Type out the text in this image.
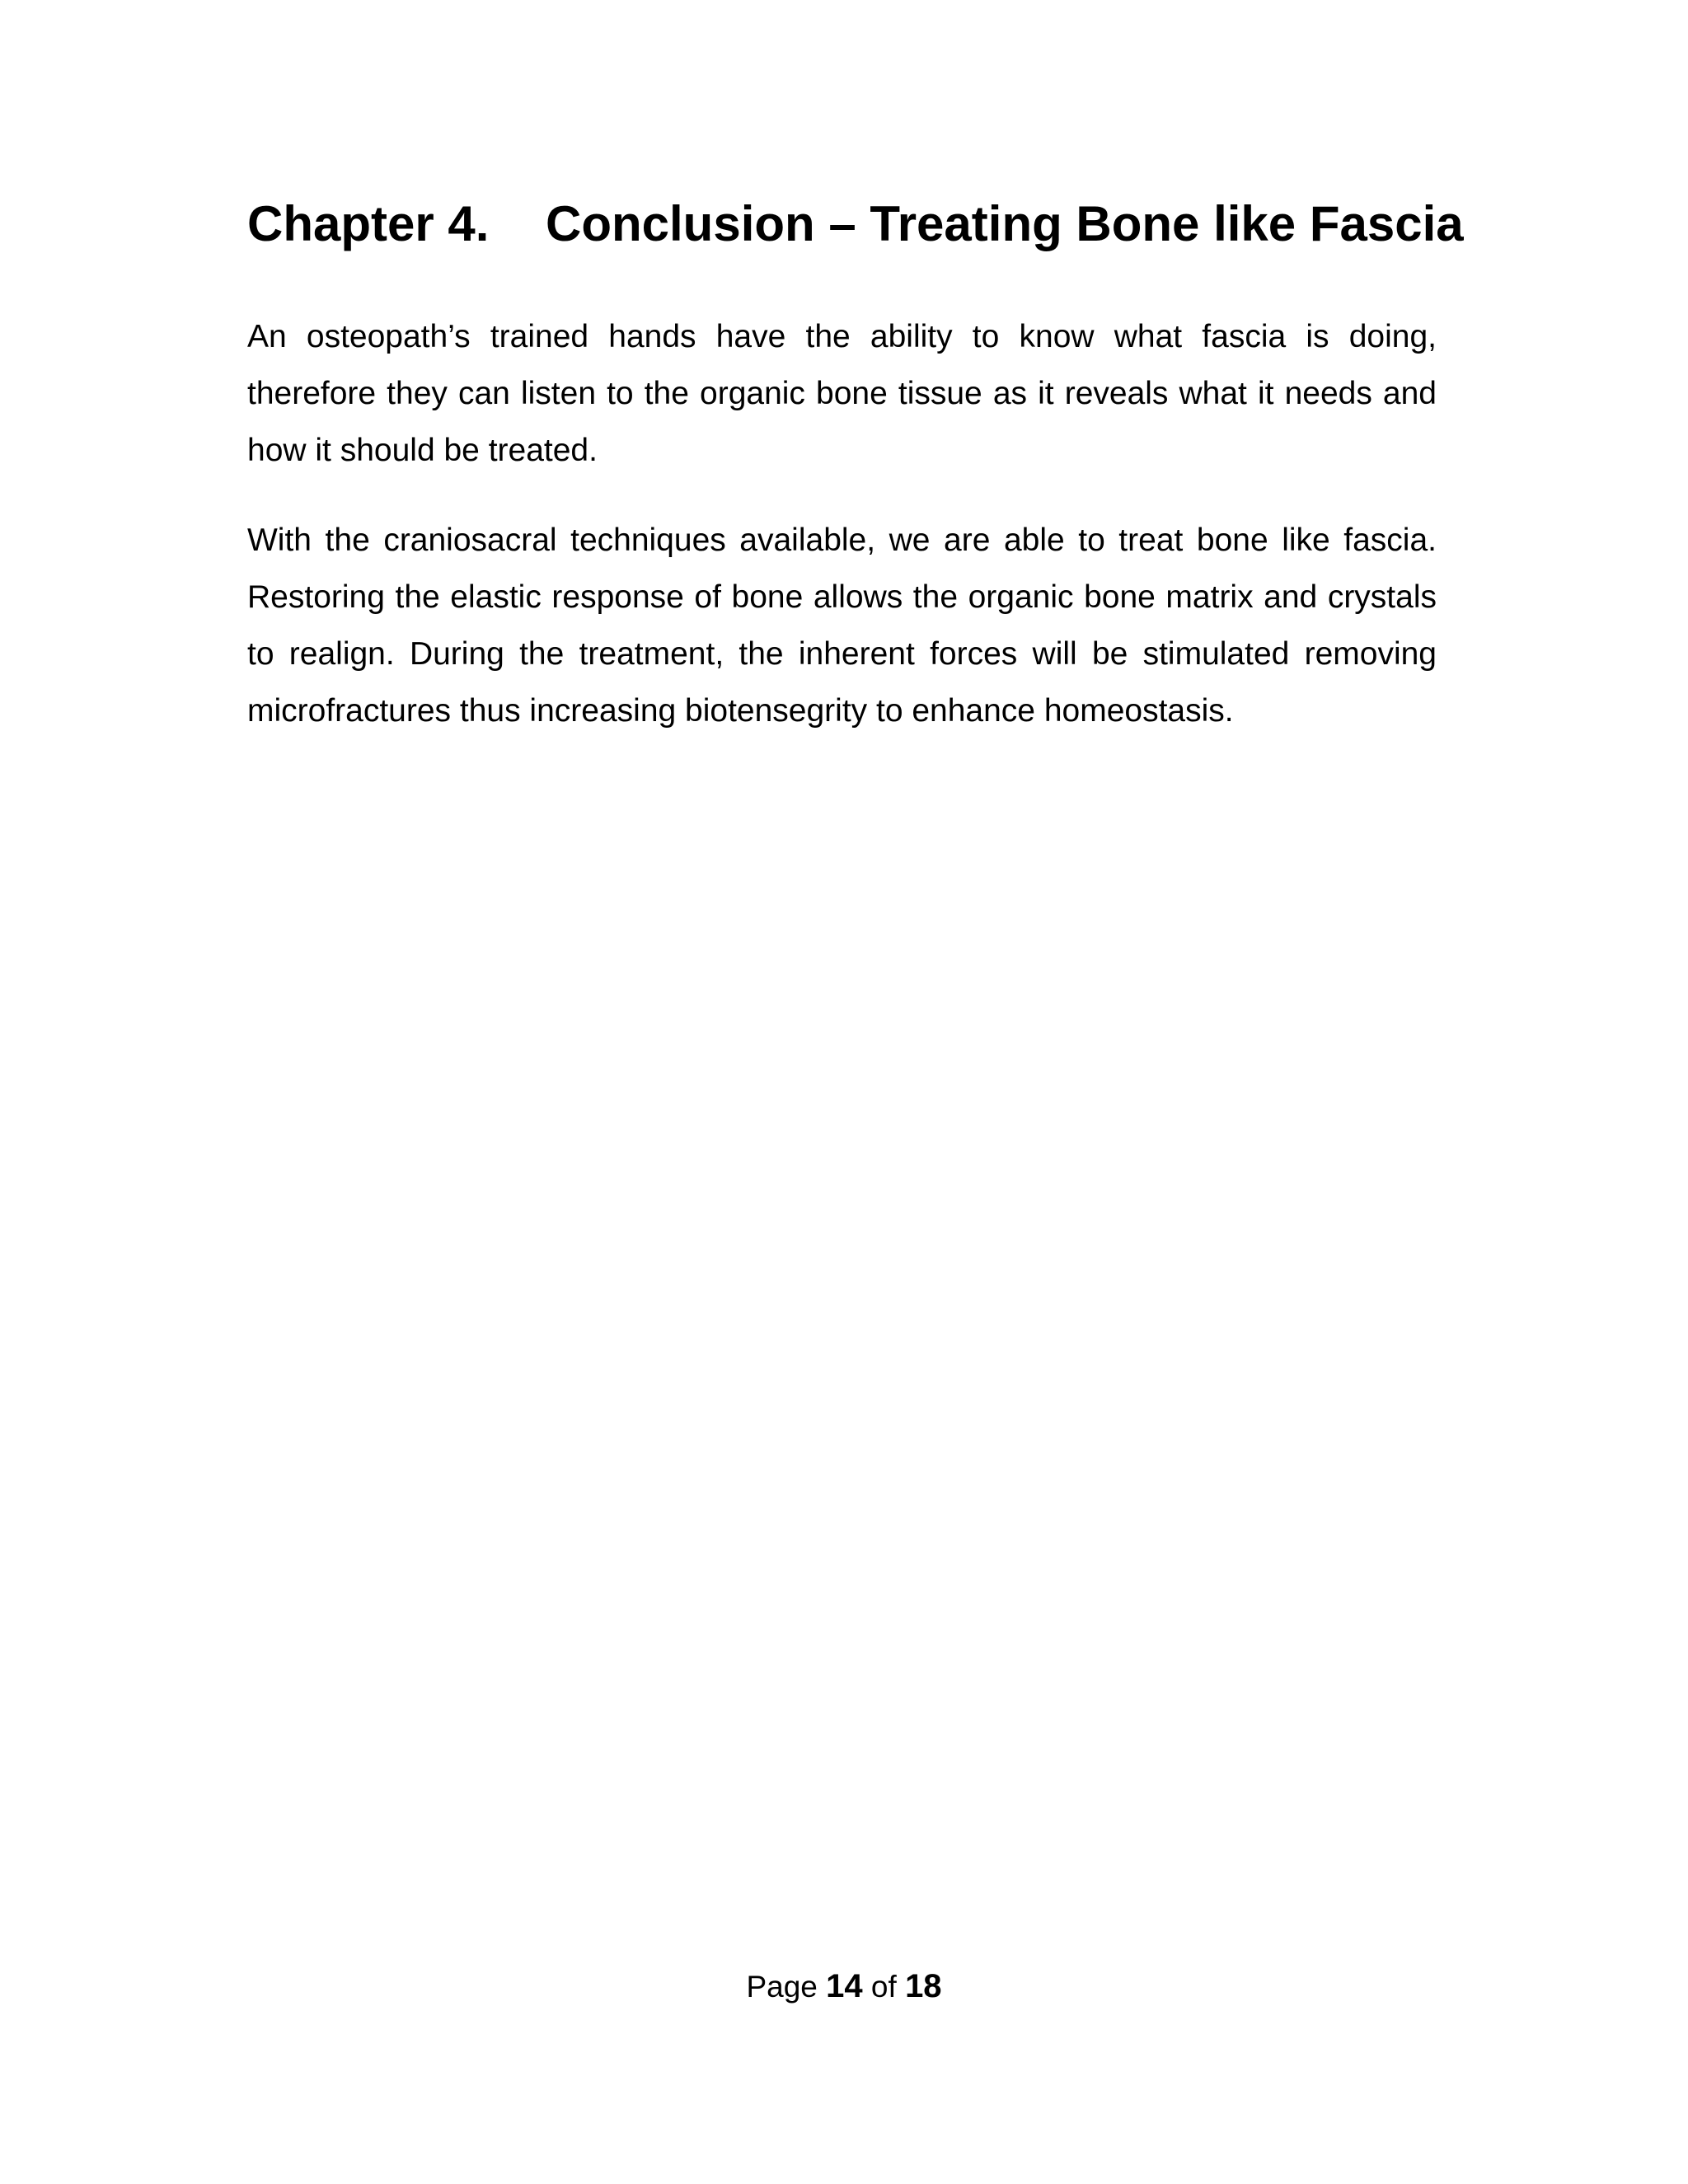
Chapter 4. Conclusion – Treating Bone like Fascia

An osteopath’s trained hands have the ability to know what fascia is doing, therefore they can listen to the organic bone tissue as it reveals what it needs and how it should be treated.

With the craniosacral techniques available, we are able to treat bone like fascia. Restoring the elastic response of bone allows the organic bone matrix and crystals to realign. During the treatment, the inherent forces will be stimulated removing microfractures thus increasing biotensegrity to enhance homeostasis.

Page 14 of 18
